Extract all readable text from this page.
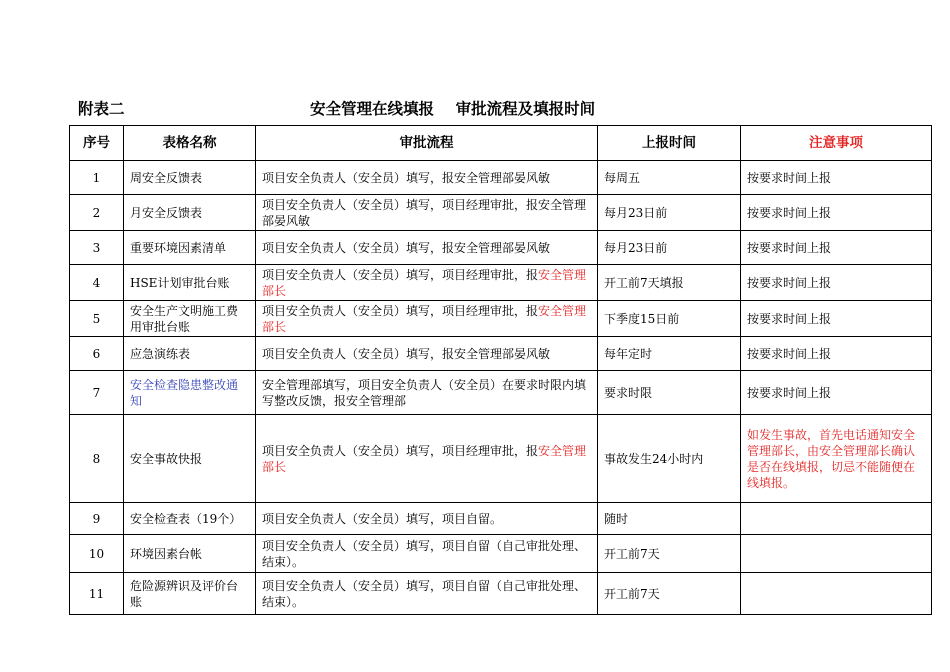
附表二	安全管理在线填报    审批流程及填报时间
序号	表格名称	审批流程	上报时间	注意事项
1	周安全反馈表	项目安全负责人（安全员）填写，报安全管理部晏风敏	每周五	按要求时间上报
2	月安全反馈表	项目安全负责人（安全员）填写，项目经理审批，报安全管理部晏风敏	每月23日前	按要求时间上报
3	重要环境因素清单	项目安全负责人（安全员）填写，报安全管理部晏风敏	每月23日前	按要求时间上报
4	HSE计划审批台账	项目安全负责人（安全员）填写，项目经理审批，报安全管理部长	开工前7天填报	按要求时间上报
5	安全生产文明施工费用审批台账	项目安全负责人（安全员）填写，项目经理审批，报安全管理部长	下季度15日前	按要求时间上报
6	应急演练表	项目安全负责人（安全员）填写，报安全管理部晏风敏	每年定时	按要求时间上报
7	安全检查隐患整改通知	安全管理部填写，项目安全负责人（安全员）在要求时限内填写整改反馈，报安全管理部	要求时限	按要求时间上报
8	安全事故快报	项目安全负责人（安全员）填写，项目经理审批，报安全管理部长	事故发生24小时内	如发生事故，首先电话通知安全管理部长，由安全管理部长确认是否在线填报，切忌不能随便在线填报。
9	安全检查表（19个）	项目安全负责人（安全员）填写，项目自留。	随时	
10	环境因素台帐	项目安全负责人（安全员）填写，项目自留（自己审批处理、结束）。	开工前7天	
11	危险源辨识及评价台账	项目安全负责人（安全员）填写，项目自留（自己审批处理、结束）。	开工前7天	
